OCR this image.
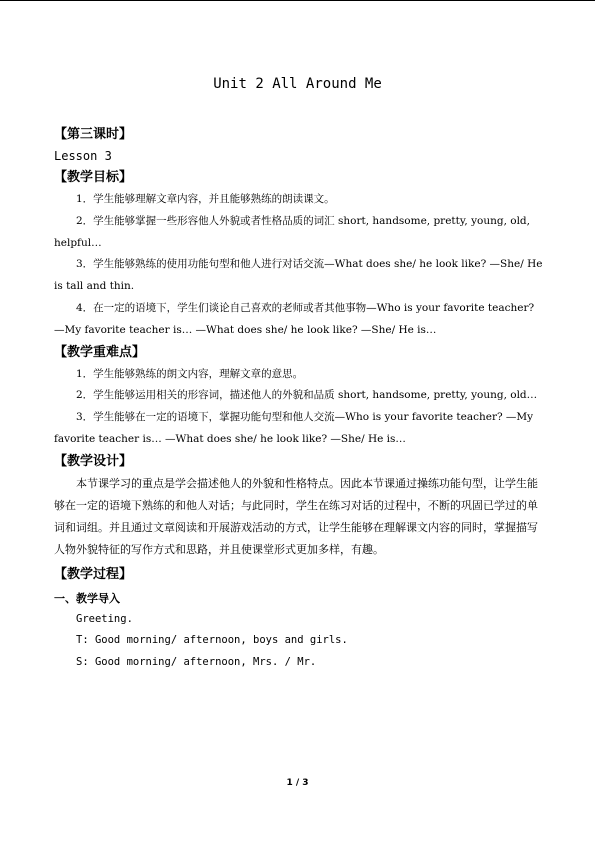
Unit 2 All Around Me
【第三课时】
Lesson 3
【教学目标】

1．学生能够理解文章内容，并且能够熟练的朗读课文。

2．学生能够掌握一些形容他人外貌或者性格品质的词汇 short, handsome, pretty, young, old, helpful…

3．学生能够熟练的使用功能句型和他人进行对话交流—What does she/ he look like? —She/ He is tall and thin.

4．在一定的语境下，学生们谈论自己喜欢的老师或者其他事物—Who is your favorite teacher? —My favorite teacher is… —What does she/ he look like? —She/ He is…

【教学重难点】

1．学生能够熟练的朗文内容，理解文章的意思。

2．学生能够运用相关的形容词，描述他人的外貌和品质 short, handsome, pretty, young, old…

3．学生能够在一定的语境下，掌握功能句型和他人交流—Who is your favorite teacher? —My favorite teacher is… —What does she/ he look like? —She/ He is…

【教学设计】

本节课学习的重点是学会描述他人的外貌和性格特点。因此本节课通过操练功能句型，让学生能够在一定的语境下熟练的和他人对话；与此同时，学生在练习对话的过程中，不断的巩固已学过的单词和词组。并且通过文章阅读和开展游戏活动的方式，让学生能够在理解课文内容的同时，掌握描写人物外貌特征的写作方式和思路，并且使课堂形式更加多样，有趣。

【教学过程】
一、教学导入

Greeting.

T: Good morning/ afternoon, boys and girls.

S: Good morning/ afternoon, Mrs. / Mr.

1 / 3
